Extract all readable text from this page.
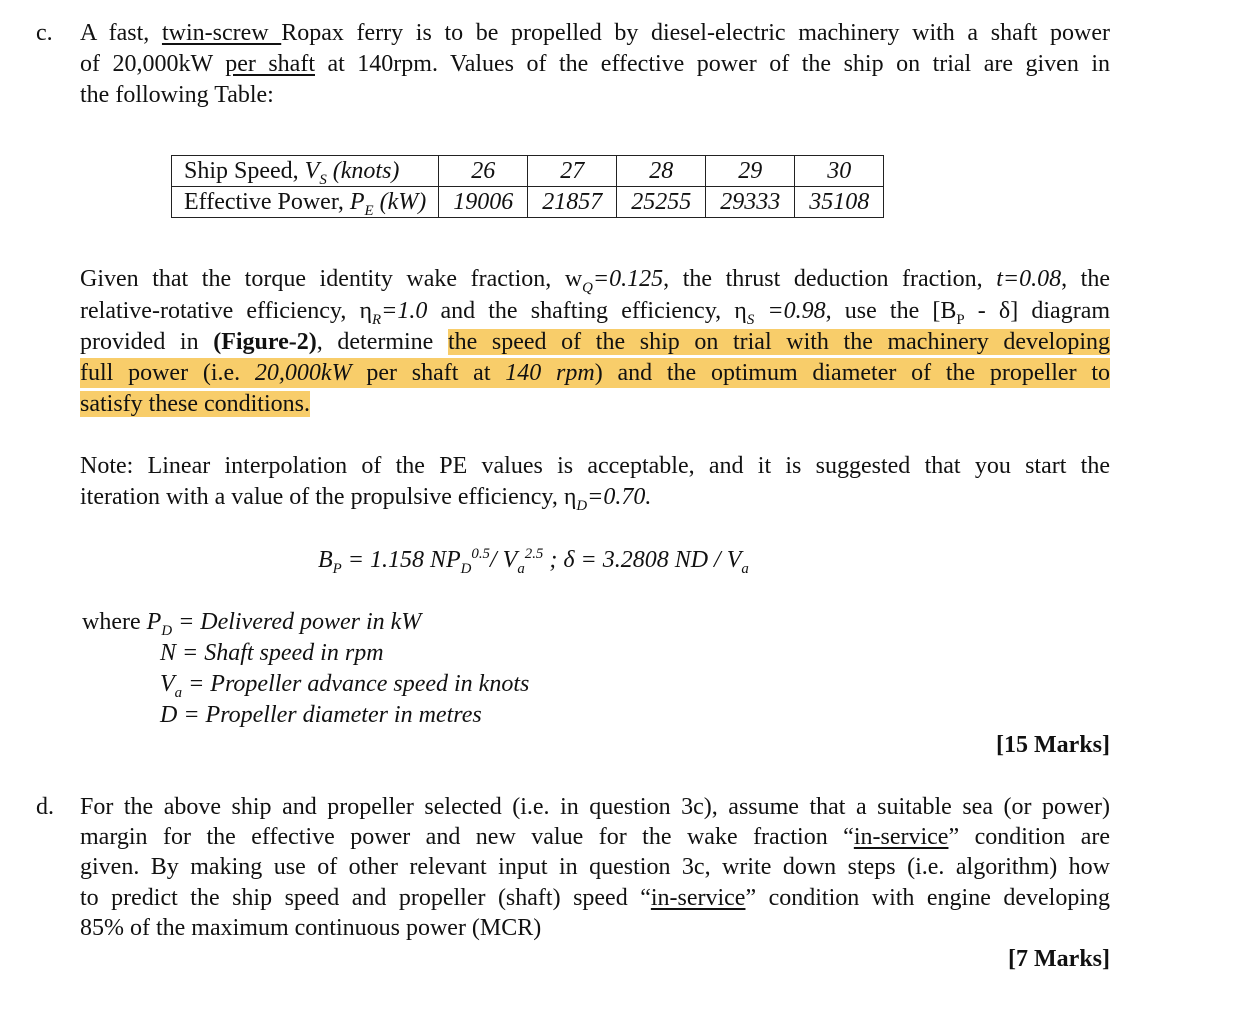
c. A fast, twin-screw Ropax ferry is to be propelled by diesel-electric machinery with a shaft power
of 20,000kW per shaft at 140rpm. Values of the effective power of the ship on trial are given in
the following Table:
Ship Speed, $V_S$ (knots)	26	27	28	29	30
Effective Power, $P_E$ (kW)	19006	21857	25255	29333	35108
Given that the torque identity wake fraction, $w_Q=0.125$, the thrust deduction fraction, t=0.08, the
relative-rotative efficiency, $\eta_R=1.0$ and the shafting efficiency, $\eta_S =0.98$, use the $[B_P - \delta]$ diagram
provided in (Figure-2), determine the speed of the ship on trial with the machinery developing
full power (i.e. 20,000kW per shaft at 140 rpm) and the optimum diameter of the propeller to
satisfy these conditions.
Note: Linear interpolation of the PE values is acceptable, and it is suggested that you start the
iteration with a value of the propulsive efficiency, $\eta_D=0.70$.
$B_P = 1.158$ $NP_D^{0.5}/$ $V_a^{2.5}$ ; δ = 3.2808 ND / $V_a$
where $P_D$ = Delivered power in kW
N = Shaft speed in rpm
$V_a$ = Propeller advance speed in knots
D = Propeller diameter in metres
[15 Marks]
d. For the above ship and propeller selected (i.e. in question 3c), assume that a suitable sea (or power)
margin for the effective power and new value for the wake fraction “in-service” condition are
given. By making use of other relevant input in question 3c, write down steps (i.e. algorithm) how
to predict the ship speed and propeller (shaft) speed “in-service” condition with engine developing
85% of the maximum continuous power (MCR)
[7 Marks]
